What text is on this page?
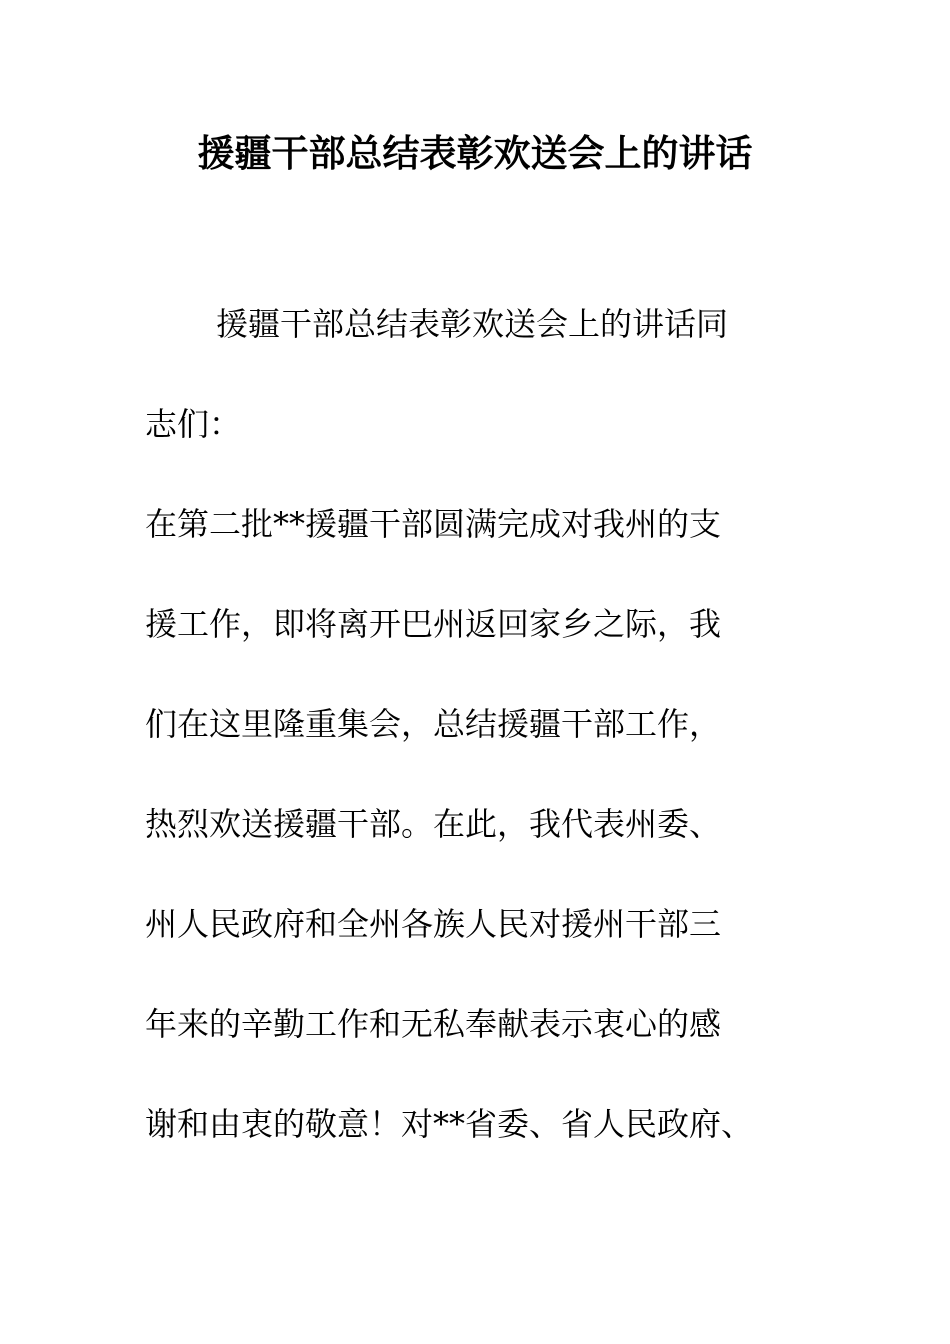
援疆干部总结表彰欢送会上的讲话
援疆干部总结表彰欢送会上的讲话同
志们：
在第二批**援疆干部圆满完成对我州的支
援工作，即将离开巴州返回家乡之际，我
们在这里隆重集会，总结援疆干部工作，
热烈欢送援疆干部。在此，我代表州委、
州人民政府和全州各族人民对援州干部三
年来的辛勤工作和无私奉献表示衷心的感
谢和由衷的敬意！对**省委、省人民政府、
